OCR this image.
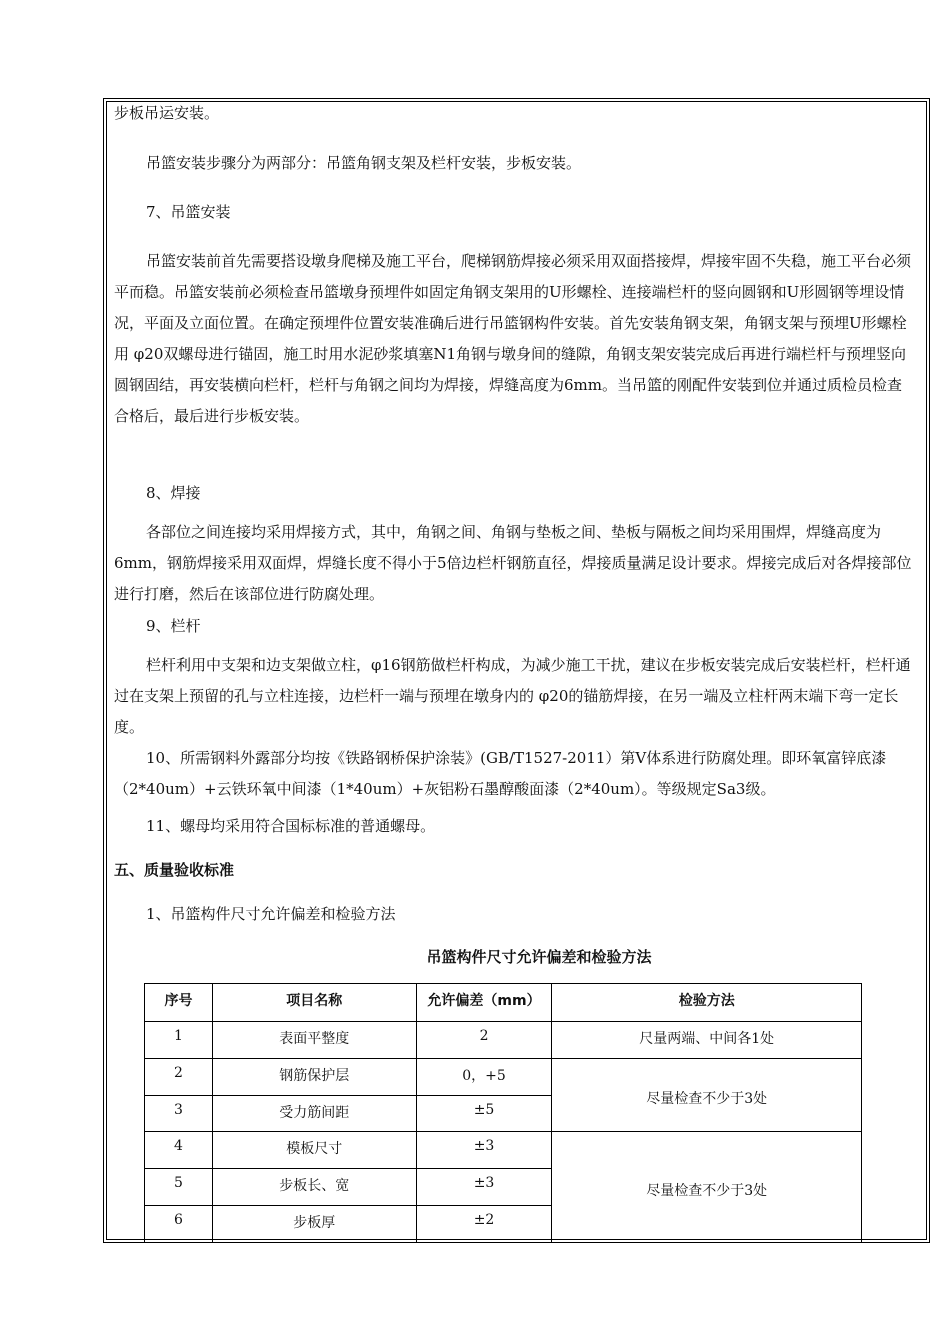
步板吊运安装。

吊篮安装步骤分为两部分：吊篮角钢支架及栏杆安装，步板安装。

7、吊篮安装

吊篮安装前首先需要搭设墩身爬梯及施工平台，爬梯钢筋焊接必须采用双面搭接焊，焊接牢固不失稳，施工平台必须平而稳。吊篮安装前必须检查吊篮墩身预埋件如固定角钢支架用的U形螺栓、连接端栏杆的竖向圆钢和U形圆钢等埋设情况，平面及立面位置。在确定预埋件位置安装准确后进行吊篮钢构件安装。首先安装角钢支架，角钢支架与预埋U形螺栓用 φ20双螺母进行锚固，施工时用水泥砂浆填塞N1角钢与墩身间的缝隙，角钢支架安装完成后再进行端栏杆与预埋竖向圆钢固结，再安装横向栏杆，栏杆与角钢之间均为焊接，焊缝高度为6mm。当吊篮的刚配件安装到位并通过质检员检查合格后，最后进行步板安装。

8、焊接

各部位之间连接均采用焊接方式，其中，角钢之间、角钢与垫板之间、垫板与隔板之间均采用围焊，焊缝高度为6mm，钢筋焊接采用双面焊，焊缝长度不得小于5倍边栏杆钢筋直径，焊接质量满足设计要求。焊接完成后对各焊接部位进行打磨，然后在该部位进行防腐处理。

9、栏杆

栏杆利用中支架和边支架做立柱，φ16钢筋做栏杆构成，为减少施工干扰，建议在步板安装完成后安装栏杆，栏杆通过在支架上预留的孔与立柱连接，边栏杆一端与预埋在墩身内的 φ20的锚筋焊接，在另一端及立柱杆两末端下弯一定长度。

10、所需钢料外露部分均按《铁路钢桥保护涂装》(GB/T1527-2011）第Ⅴ体系进行防腐处理。即环氧富锌底漆（2*40um）+云铁环氧中间漆（1*40um）+灰铝粉石墨醇酸面漆（2*40um）。等级规定Sa3级。

11、螺母均采用符合国标标准的普通螺母。

五、质量验收标准

1、吊篮构件尺寸允许偏差和检验方法

吊篮构件尺寸允许偏差和检验方法
序号	项目名称	允许偏差（mm）	检验方法
1	表面平整度	2	尺量两端、中间各1处
2	钢筋保护层	0，+5	尽量检查不少于3处
3	受力筋间距	±5	
4	模板尺寸	±3	尽量检查不少于3处
5	步板长、宽	±3	
6	步板厚	±2	
